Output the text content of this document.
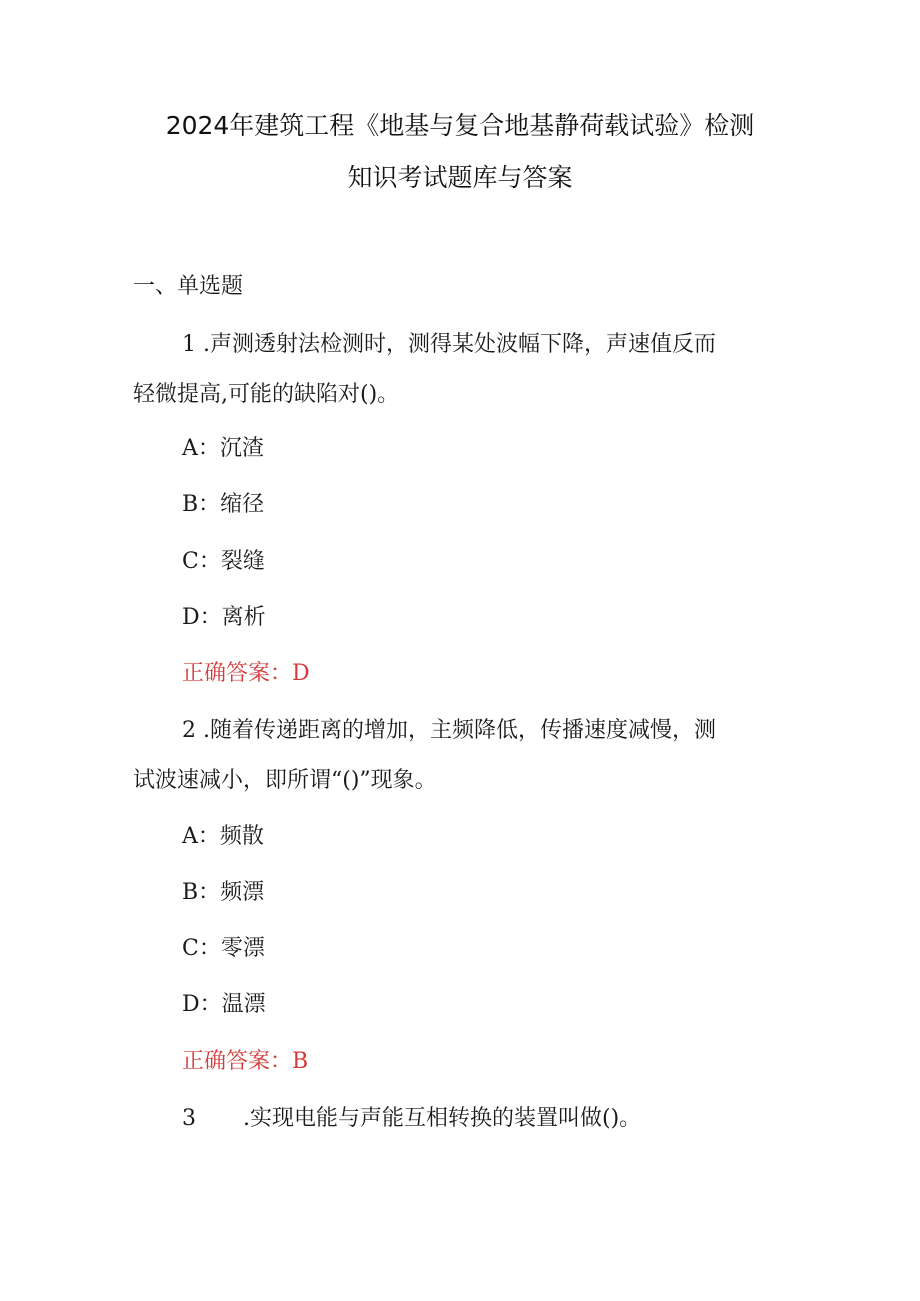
2024年建筑工程《地基与复合地基静荷载试验》检测
知识考试题库与答案

一、单选题

1 .声测透射法检测时，测得某处波幅下降，声速值反而

轻微提高,可能的缺陷对()。

A：沉渣

B：缩径

C：裂缝

D：离析

正确答案：D

2 .随着传递距离的增加，主频降低，传播速度减慢，测

试波速减小，即所谓“()”现象。

A：频散

B：频漂

C：零漂

D：温漂

正确答案：B

3 .实现电能与声能互相转换的装置叫做()。
